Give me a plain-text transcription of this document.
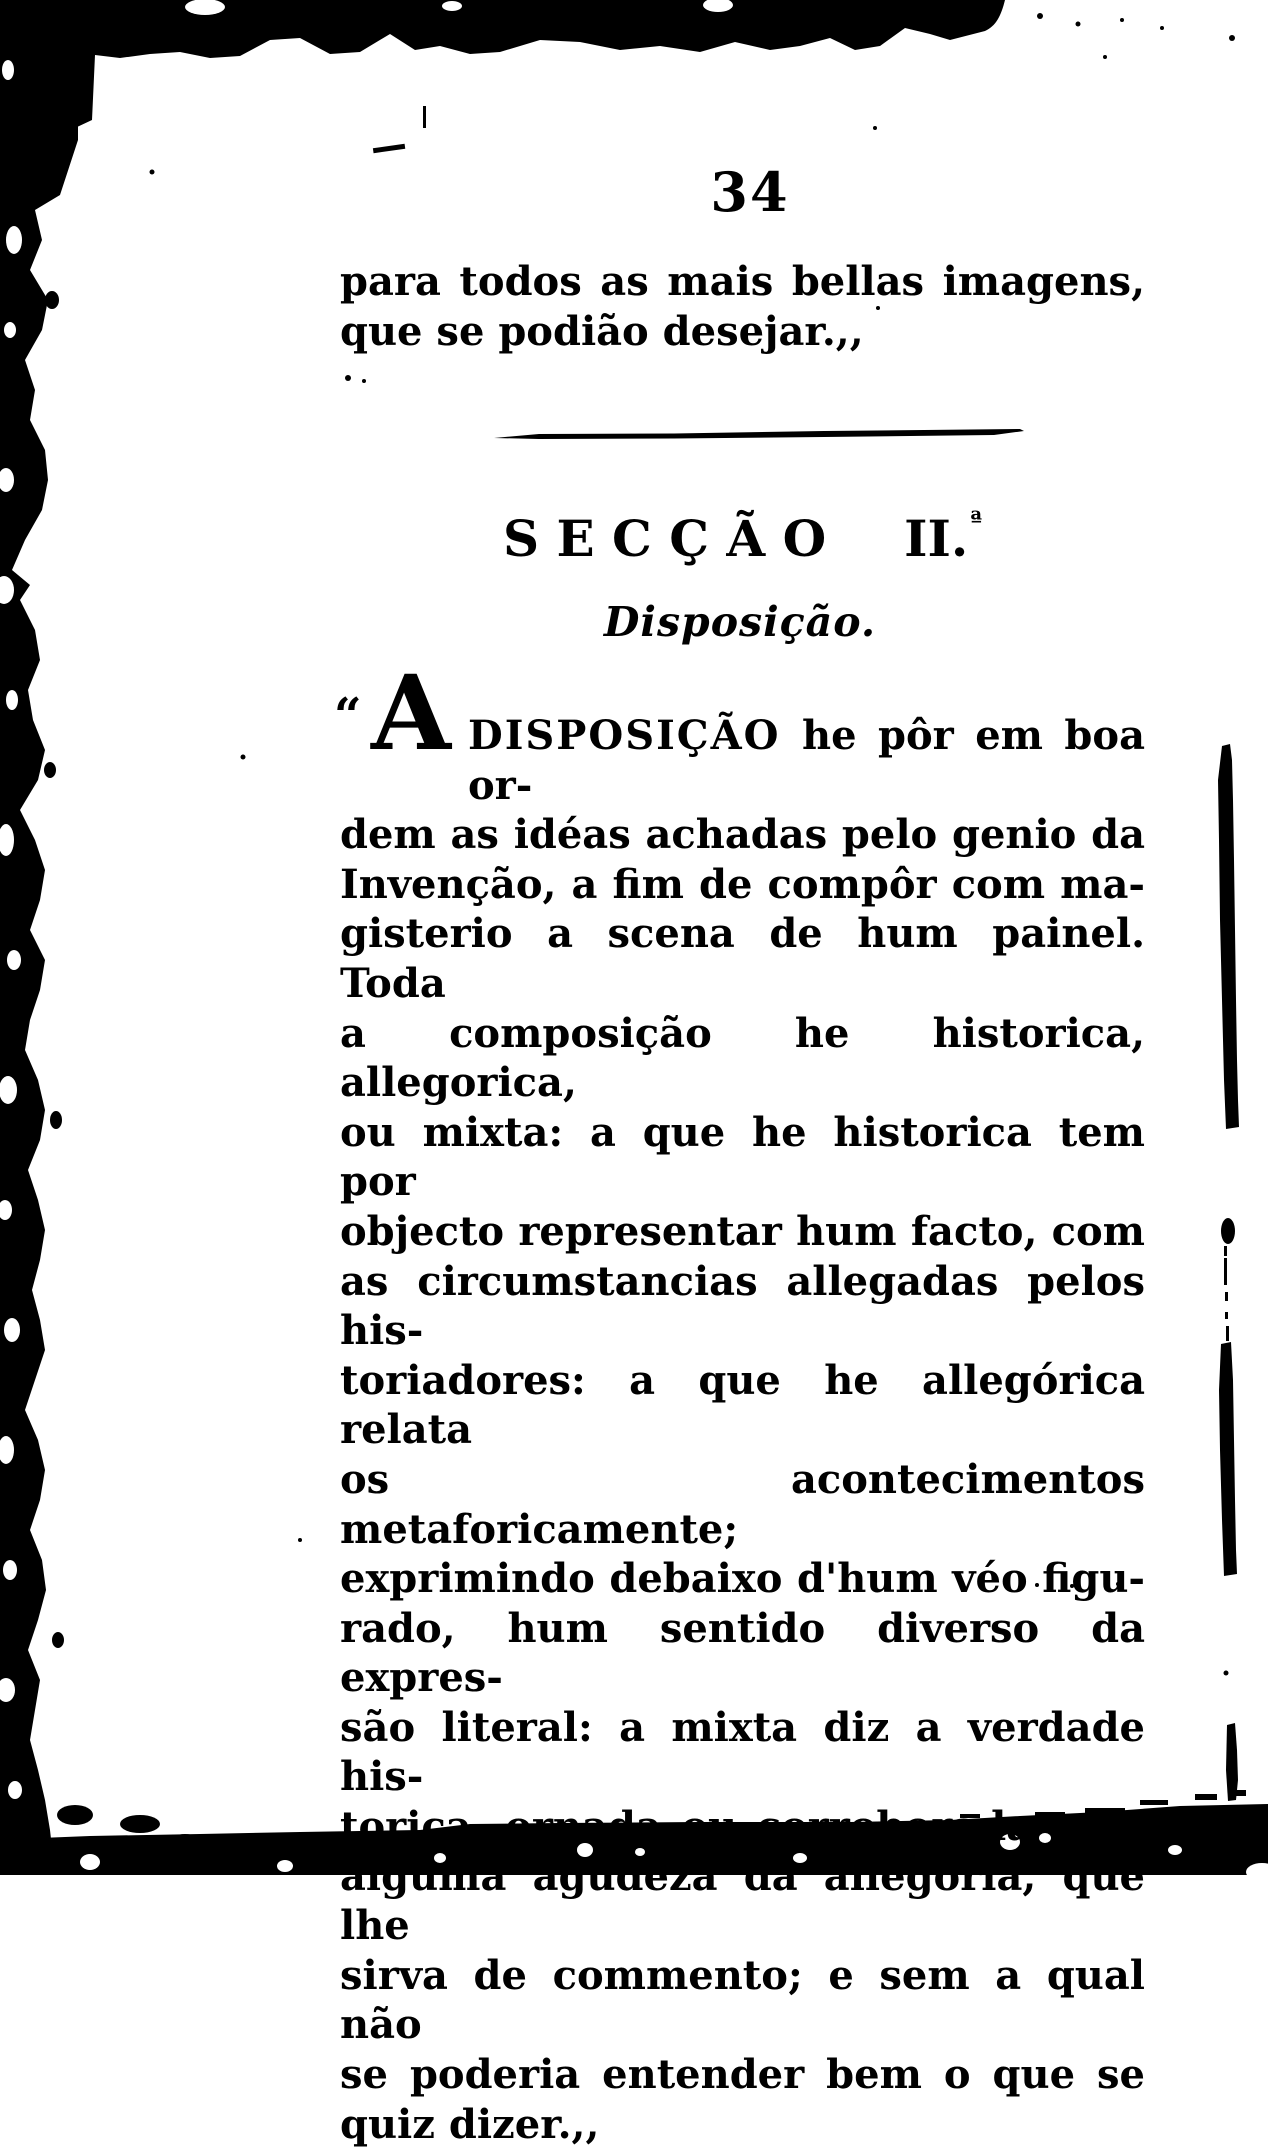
34
para todos as mais bellas imagens,
que se podião desejar.,,
S E C Ç Ã O II.$^ª$
Disposição.
“ A DISPOSIÇÃO he pôr em boa or-
dem as idéas achadas pelo genio da
Invenção, a fim de compôr com ma-
gisterio a scena de hum painel. Toda
a composição he historica, allegorica,
ou mixta: a que he historica tem por
objecto representar hum facto, com
as circumstancias allegadas pelos his-
toriadores: a que he allegórica relata
os acontecimentos metaforicamente;
exprimindo debaixo d'hum véo figu-
rado, hum sentido diverso da expres-
são literal: a mixta diz a verdade his-
torica, ornada ou corroborada com
alguma agudeza da allegoria, que lhe
sirva de commento; e sem a qual não
se poderia entender bem o que se
quiz dizer.,,
